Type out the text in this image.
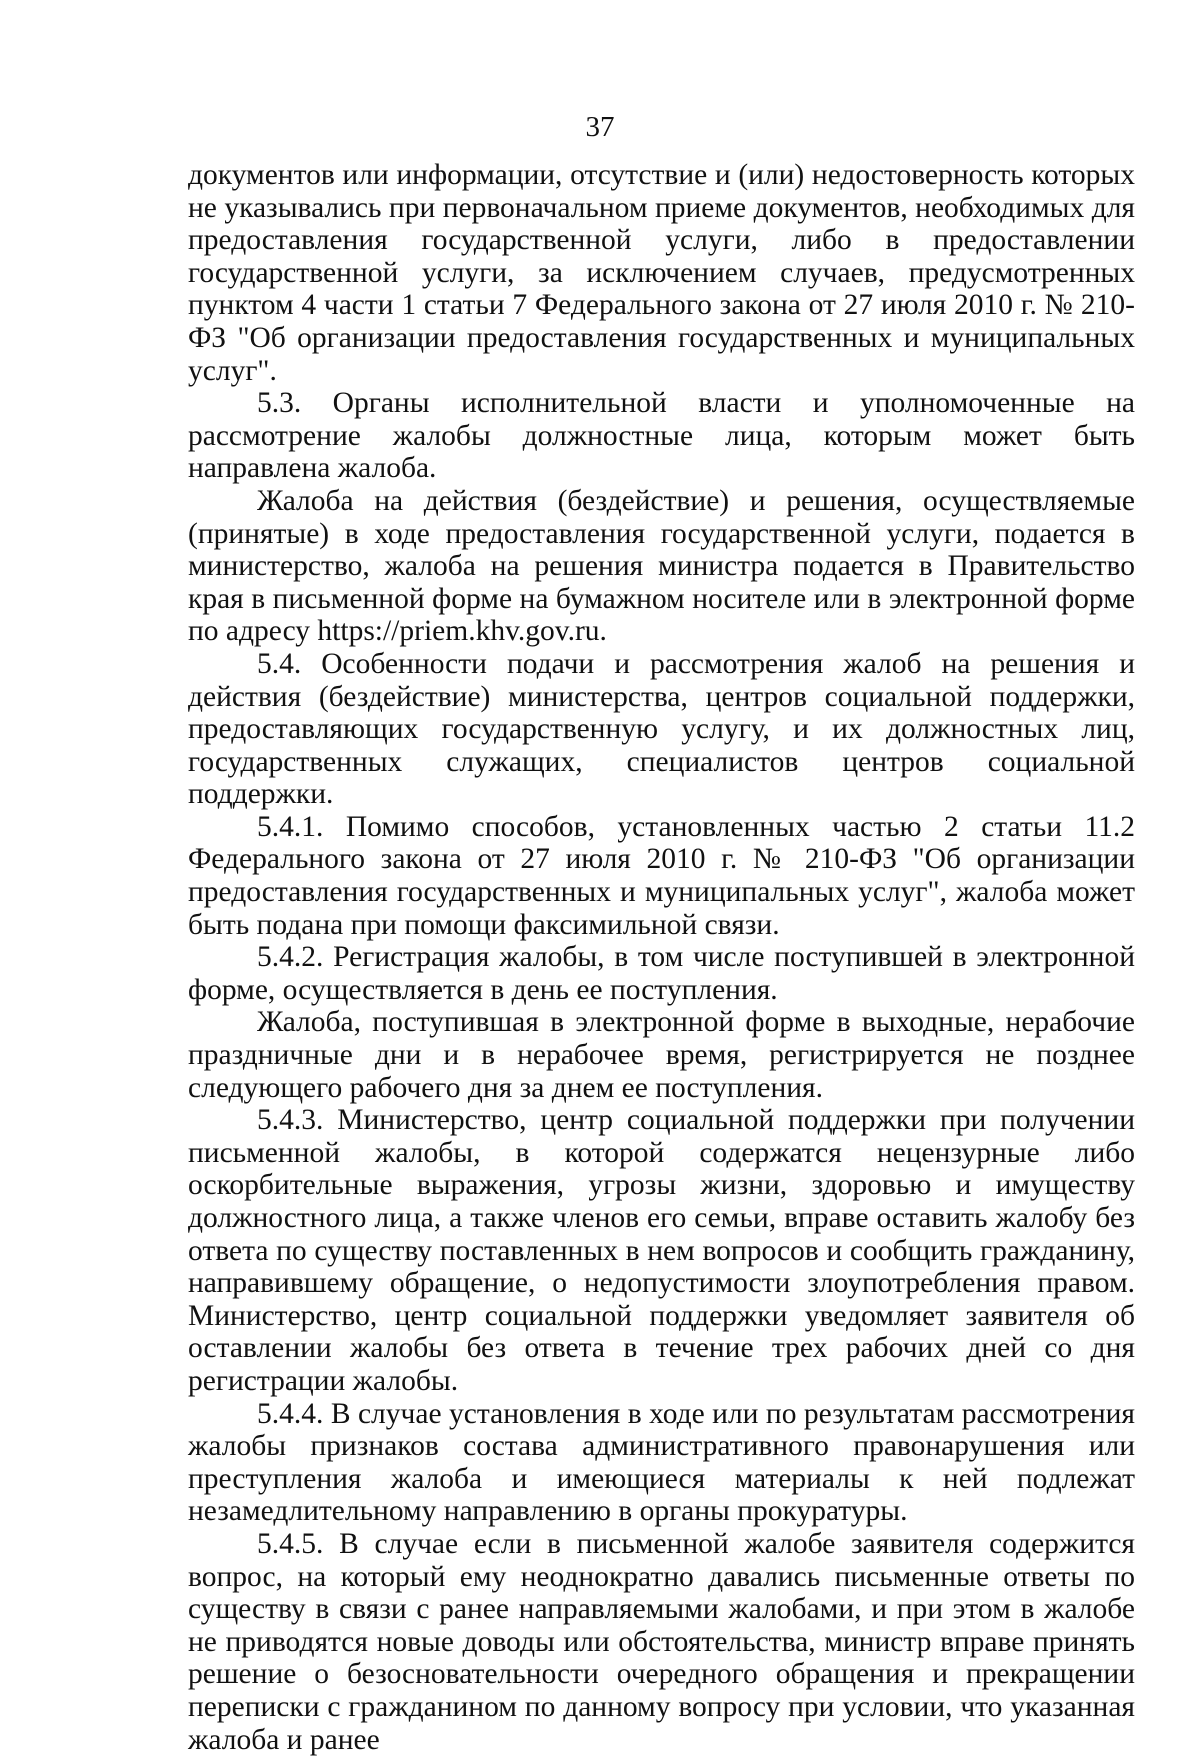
37

документов или информации, отсутствие и (или) недостоверность которых не указывались при первоначальном приеме документов, необходимых для предоставления государственной услуги, либо в предоставлении государственной услуги, за исключением случаев, предусмотренных пунктом 4 части 1 статьи 7 Федерального закона от 27 июля 2010 г. № 210-ФЗ "Об организации предоставления государственных и муниципальных услуг".

5.3. Органы исполнительной власти и уполномоченные на рассмотрение жалобы должностные лица, которым может быть направлена жалоба.

Жалоба на действия (бездействие) и решения, осуществляемые (принятые) в ходе предоставления государственной услуги, подается в министерство, жалоба на решения министра подается в Правительство края в письменной форме на бумажном носителе или в электронной форме по адресу https://priem.khv.gov.ru.

5.4. Особенности подачи и рассмотрения жалоб на решения и действия (бездействие) министерства, центров социальной поддержки, предоставляющих государственную услугу, и их должностных лиц, государственных служащих, специалистов центров социальной поддержки.

5.4.1. Помимо способов, установленных частью 2 статьи 11.2 Федерального закона от 27 июля 2010 г. № 210-ФЗ "Об организации предоставления государственных и муниципальных услуг", жалоба может быть подана при помощи факсимильной связи.

5.4.2. Регистрация жалобы, в том числе поступившей в электронной форме, осуществляется в день ее поступления.

Жалоба, поступившая в электронной форме в выходные, нерабочие праздничные дни и в нерабочее время, регистрируется не позднее следующего рабочего дня за днем ее поступления.

5.4.3. Министерство, центр социальной поддержки при получении письменной жалобы, в которой содержатся нецензурные либо оскорбительные выражения, угрозы жизни, здоровью и имуществу должностного лица, а также членов его семьи, вправе оставить жалобу без ответа по существу поставленных в нем вопросов и сообщить гражданину, направившему обращение, о недопустимости злоупотребления правом. Министерство, центр социальной поддержки уведомляет заявителя об оставлении жалобы без ответа в течение трех рабочих дней со дня регистрации жалобы.

5.4.4. В случае установления в ходе или по результатам рассмотрения жалобы признаков состава административного правонарушения или преступления жалоба и имеющиеся материалы к ней подлежат незамедлительному направлению в органы прокуратуры.

5.4.5. В случае если в письменной жалобе заявителя содержится вопрос, на который ему неоднократно давались письменные ответы по существу в связи с ранее направляемыми жалобами, и при этом в жалобе не приводятся новые доводы или обстоятельства, министр вправе принять решение о безосновательности очередного обращения и прекращении переписки с гражданином по данному вопросу при условии, что указанная жалоба и ранее
